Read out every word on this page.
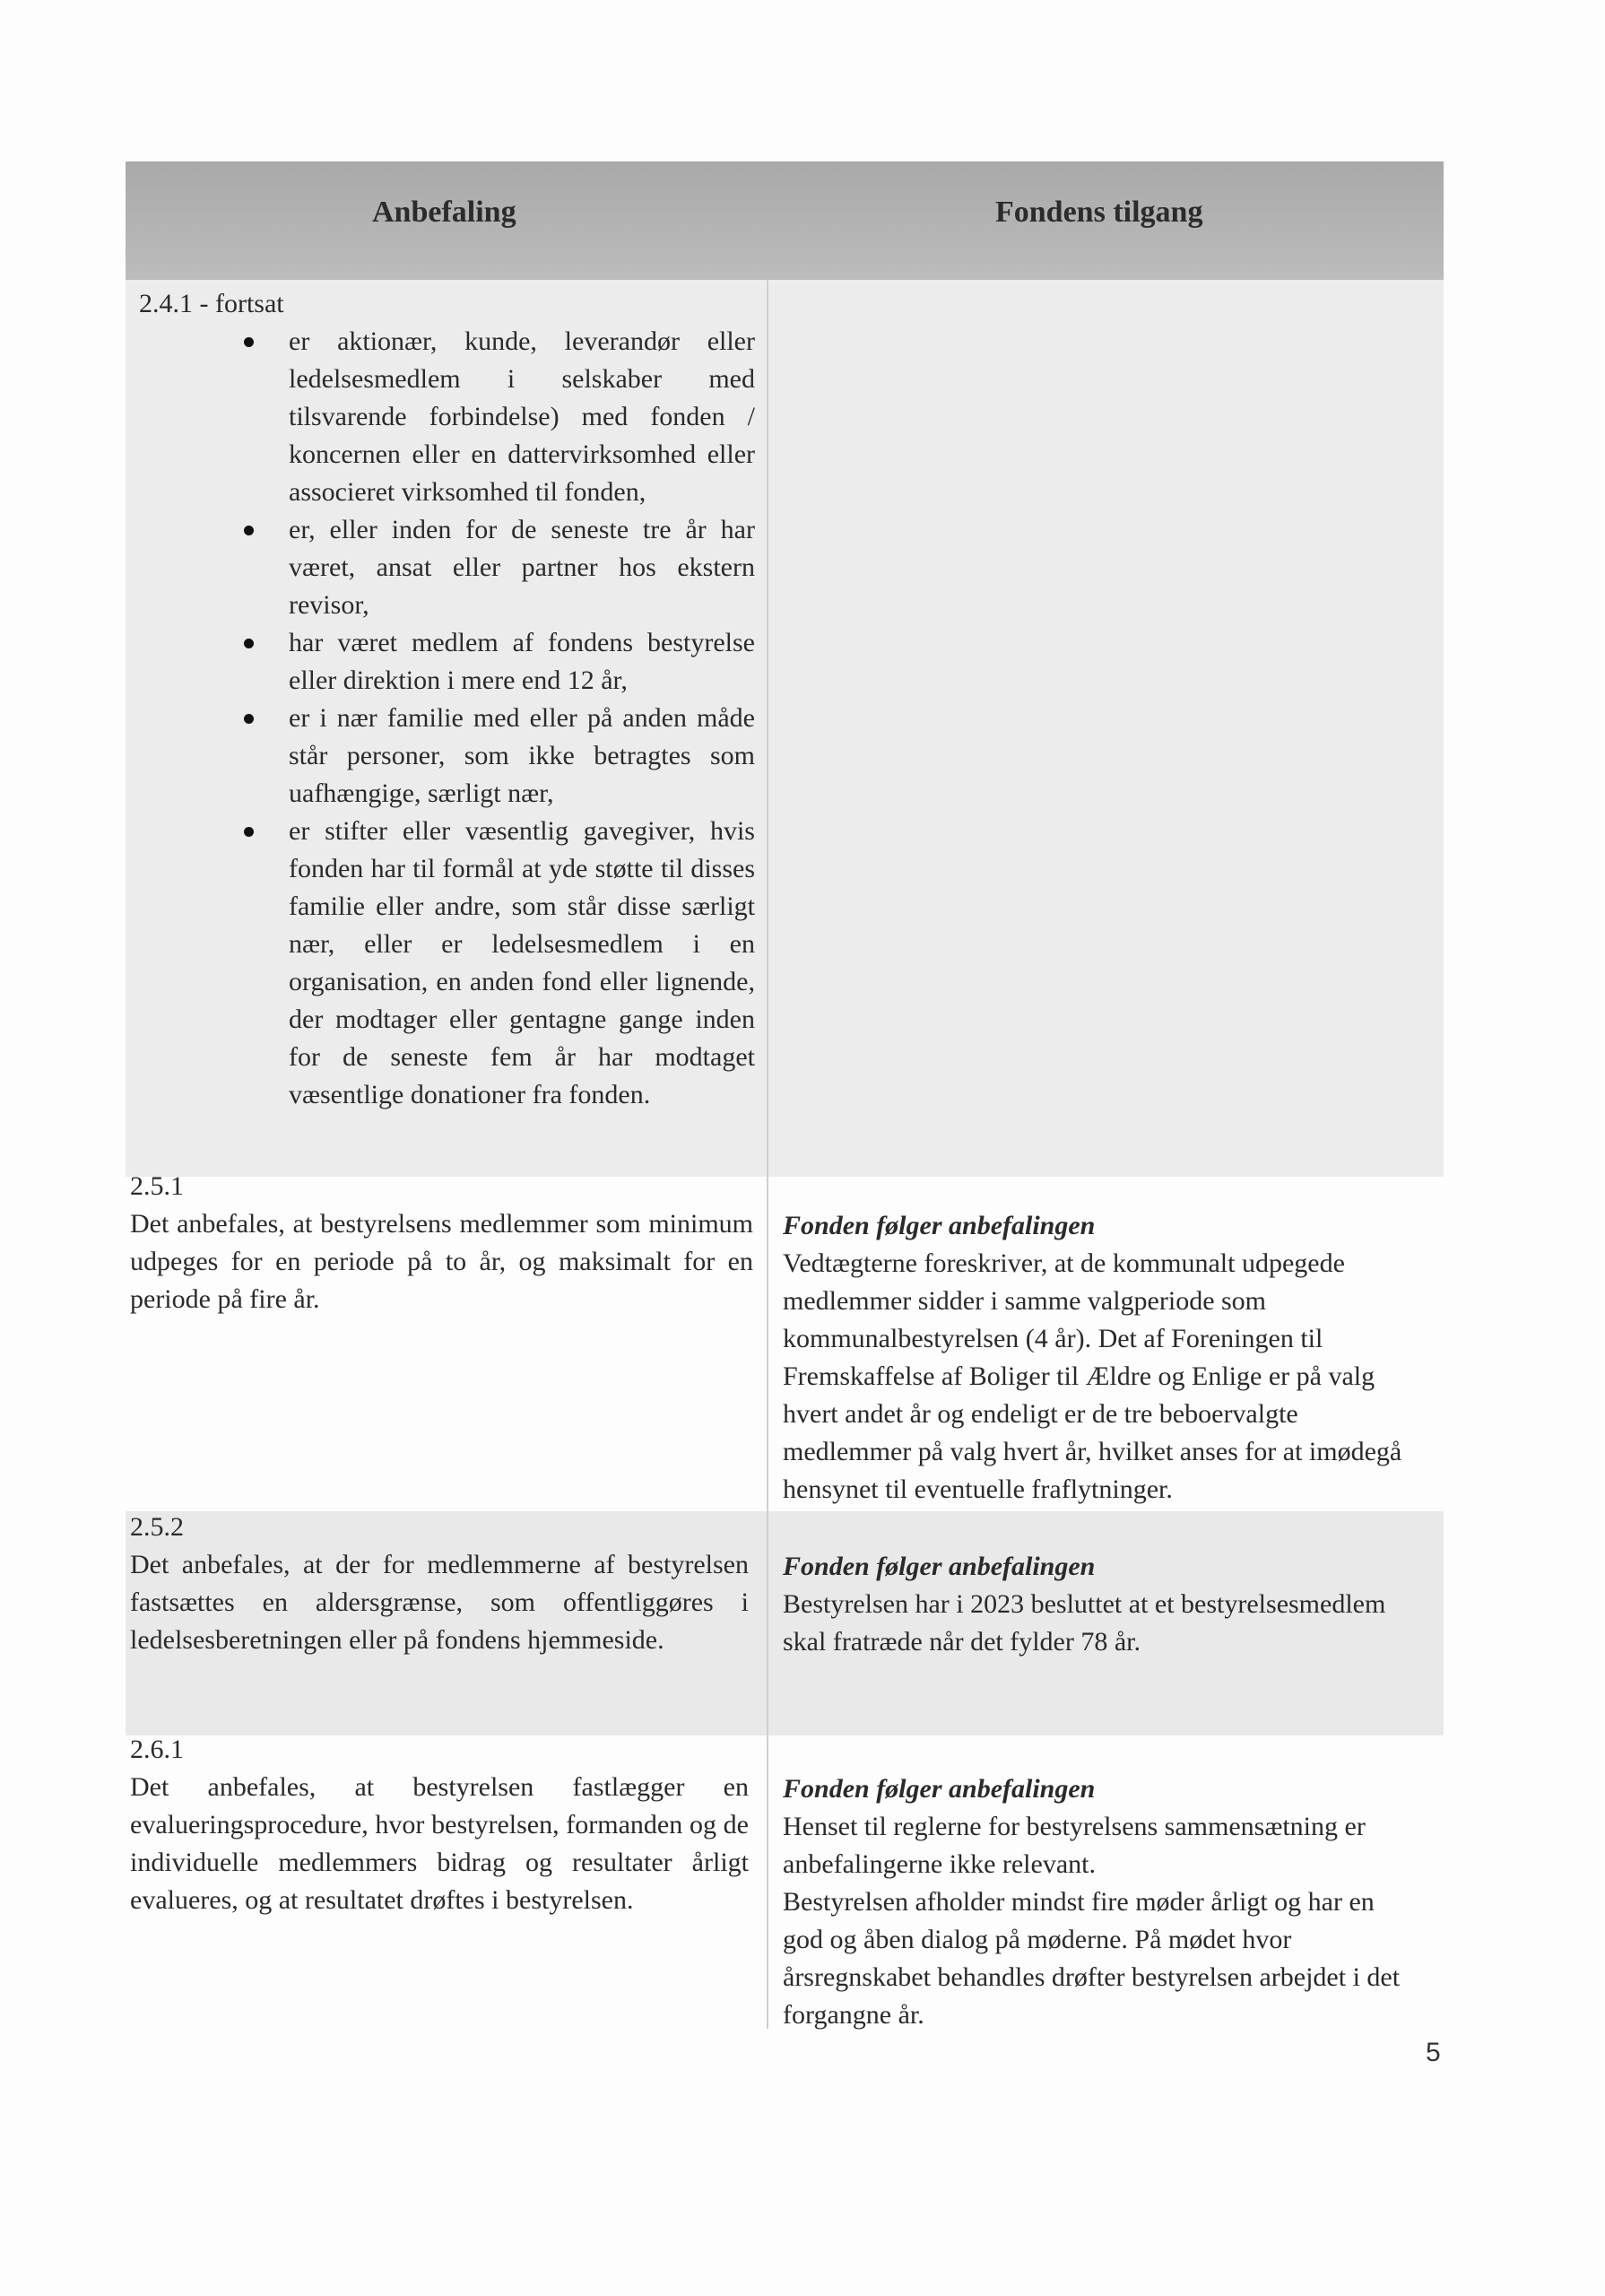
Anbefaling	Fondens tilgang
2.4.1 - fortsat
er aktionær, kunde, leverandør eller ledelsesmedlem i selskaber med tilsvarende forbindelse) med fonden / koncernen eller en dattervirksomhed eller associeret virksomhed til fonden,
er, eller inden for de seneste tre år har været, ansat eller partner hos ekstern revisor,
har været medlem af fondens bestyrelse eller direktion i mere end 12 år,
er i nær familie med eller på anden måde står personer, som ikke betragtes som uafhængige, særligt nær,
er stifter eller væsentlig gavegiver, hvis fonden har til formål at yde støtte til disses familie eller andre, som står disse særligt nær, eller er ledelsesmedlem i en organisation, en anden fond eller lignende, der modtager eller gentagne gange inden for de seneste fem år har modtaget væsentlige donationer fra fonden.
2.5.1
Det anbefales, at bestyrelsens medlemmer som minimum udpeges for en periode på to år, og maksimalt for en periode på fire år.
Fonden følger anbefalingen
Vedtægterne foreskriver, at de kommunalt udpegede medlemmer sidder i samme valgperiode som kommunalbestyrelsen (4 år). Det af Foreningen til Fremskaffelse af Boliger til Ældre og Enlige er på valg hvert andet år og endeligt er de tre beboervalgte medlemmer på valg hvert år, hvilket anses for at imødegå hensynet til eventuelle fraflytninger.
2.5.2
Det anbefales, at der for medlemmerne af bestyrelsen fastsættes en aldersgrænse, som offentliggøres i ledelsesberetningen eller på fondens hjemmeside.
Fonden følger anbefalingen
Bestyrelsen har i 2023 besluttet at et bestyrelsesmedlem skal fratræde når det fylder 78 år.
2.6.1
Det anbefales, at bestyrelsen fastlægger en evalueringsprocedure, hvor bestyrelsen, formanden og de individuelle medlemmers bidrag og resultater årligt evalueres, og at resultatet drøftes i bestyrelsen.
Fonden følger anbefalingen
Henset til reglerne for bestyrelsens sammensætning er anbefalingerne ikke relevant.
Bestyrelsen afholder mindst fire møder årligt og har en god og åben dialog på møderne. På mødet hvor årsregnskabet behandles drøfter bestyrelsen arbejdet i det forgangne år.
5
